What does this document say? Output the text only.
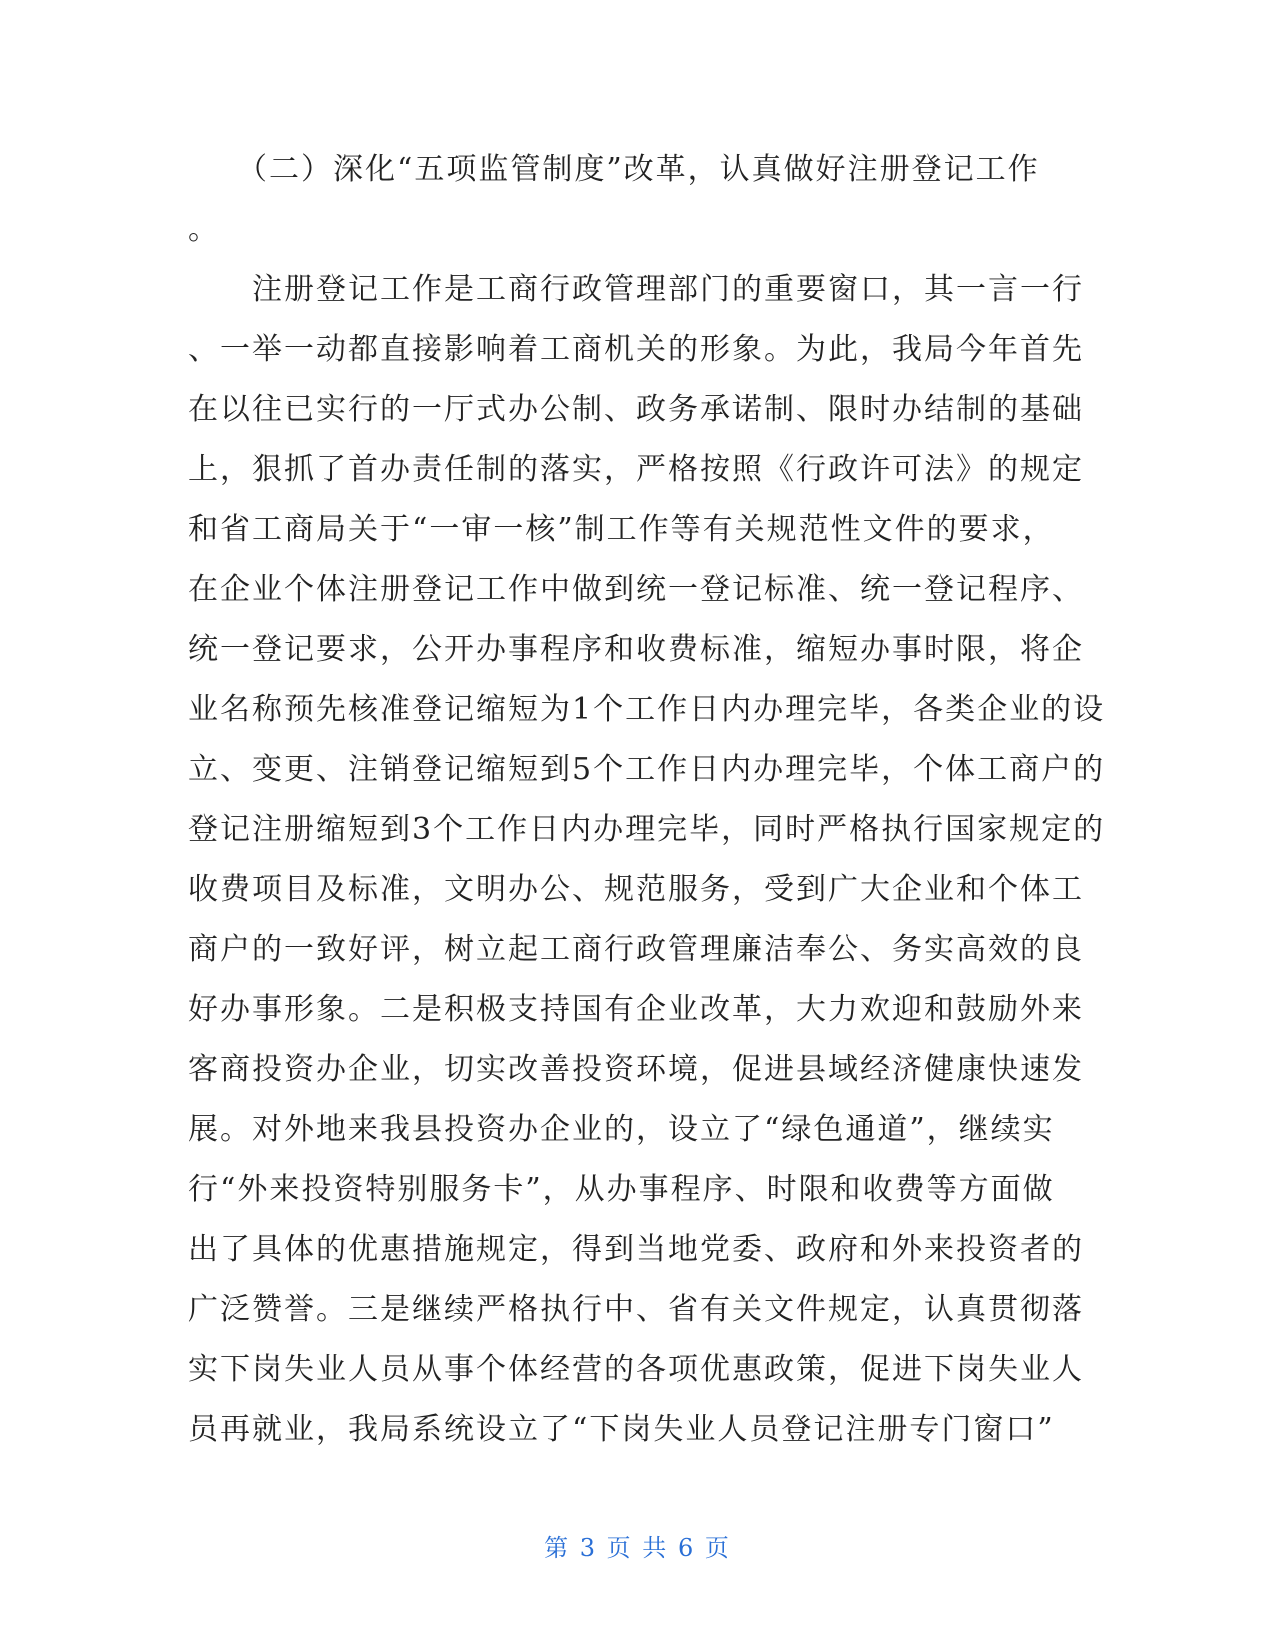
　　（二）深化“五项监管制度”改革，认真做好注册登记工作
。
　　注册登记工作是工商行政管理部门的重要窗口，其一言一行
、一举一动都直接影响着工商机关的形象。为此，我局今年首先
在以往已实行的一厅式办公制、政务承诺制、限时办结制的基础
上，狠抓了首办责任制的落实，严格按照《行政许可法》的规定
和省工商局关于“一审一核”制工作等有关规范性文件的要求，
在企业个体注册登记工作中做到统一登记标准、统一登记程序、
统一登记要求，公开办事程序和收费标准，缩短办事时限，将企
业名称预先核准登记缩短为1个工作日内办理完毕，各类企业的设
立、变更、注销登记缩短到5个工作日内办理完毕，个体工商户的
登记注册缩短到3个工作日内办理完毕，同时严格执行国家规定的
收费项目及标准，文明办公、规范服务，受到广大企业和个体工
商户的一致好评，树立起工商行政管理廉洁奉公、务实高效的良
好办事形象。二是积极支持国有企业改革，大力欢迎和鼓励外来
客商投资办企业，切实改善投资环境，促进县域经济健康快速发
展。对外地来我县投资办企业的，设立了“绿色通道”，继续实
行“外来投资特别服务卡”，从办事程序、时限和收费等方面做
出了具体的优惠措施规定，得到当地党委、政府和外来投资者的
广泛赞誉。三是继续严格执行中、省有关文件规定，认真贯彻落
实下岗失业人员从事个体经营的各项优惠政策，促进下岗失业人
员再就业，我局系统设立了“下岗失业人员登记注册专门窗口”
第 3 页 共 6 页
